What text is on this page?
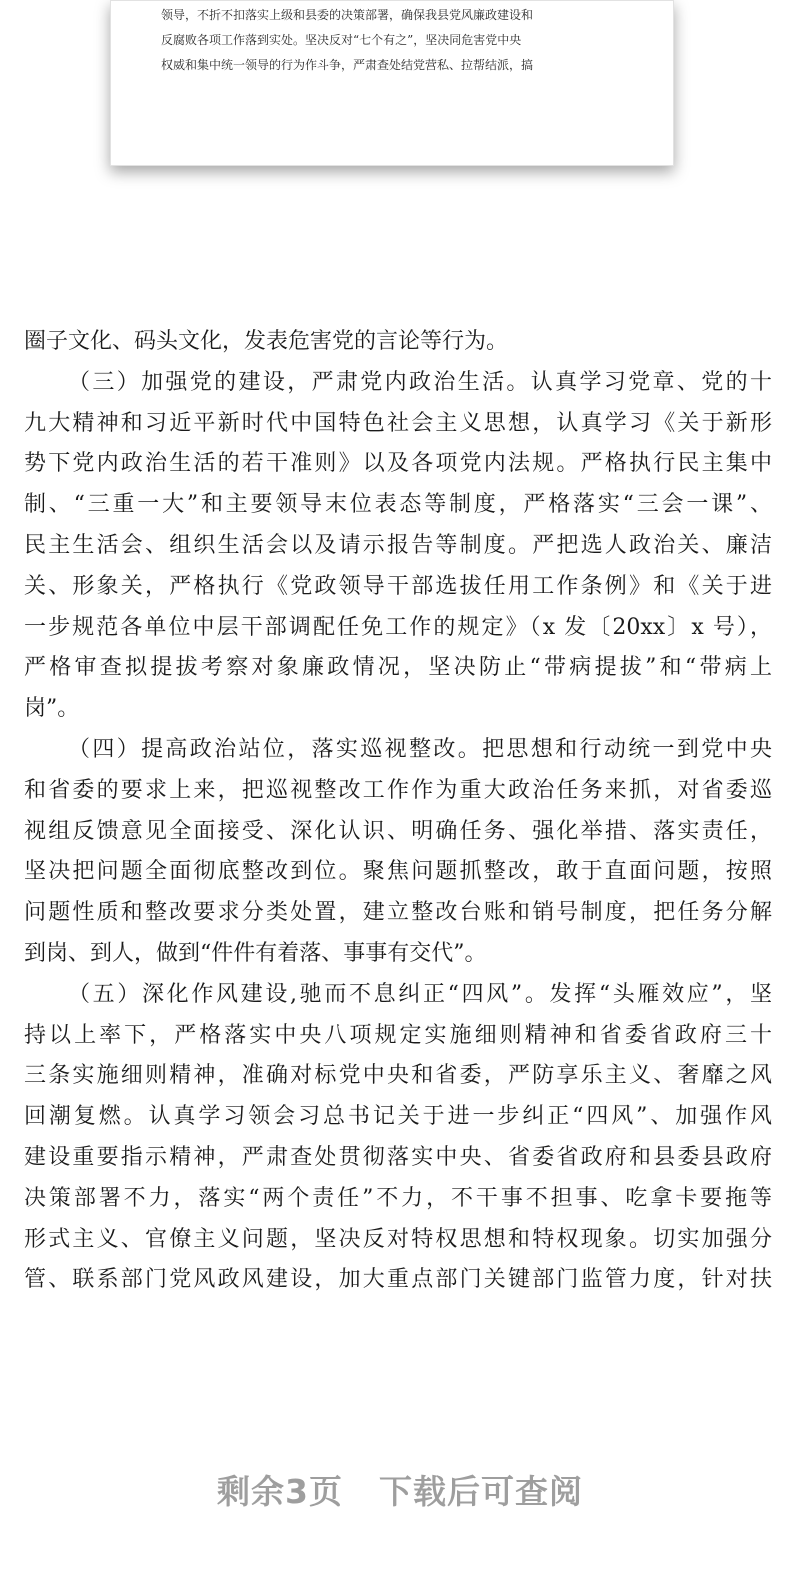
领导，不折不扣落实上级和县委的决策部署，确保我县党风廉政建设和
反腐败各项工作落到实处。坚决反对“七个有之”，坚决同危害党中央
权威和集中统一领导的行为作斗争，严肃查处结党营私、拉帮结派，搞
圈子文化、码头文化，发表危害党的言论等行为。
（三）加强党的建设，严肃党内政治生活。认真学习党章、党的十
九大精神和习近平新时代中国特色社会主义思想，认真学习《关于新形
势下党内政治生活的若干准则》以及各项党内法规。严格执行民主集中
制、“三重一大”和主要领导末位表态等制度，严格落实“三会一课”、
民主生活会、组织生活会以及请示报告等制度。严把选人政治关、廉洁
关、形象关，严格执行《党政领导干部选拔任用工作条例》和《关于进
一步规范各单位中层干部调配任免工作的规定》（x 发〔20xx〕x 号），
严格审查拟提拔考察对象廉政情况，坚决防止“带病提拔”和“带病上
岗”。
（四）提高政治站位，落实巡视整改。把思想和行动统一到党中央
和省委的要求上来，把巡视整改工作作为重大政治任务来抓，对省委巡
视组反馈意见全面接受、深化认识、明确任务、强化举措、落实责任，
坚决把问题全面彻底整改到位。聚焦问题抓整改，敢于直面问题，按照
问题性质和整改要求分类处置，建立整改台账和销号制度，把任务分解
到岗、到人，做到“件件有着落、事事有交代”。
（五）深化作风建设,驰而不息纠正“四风”。发挥“头雁效应”，坚
持以上率下，严格落实中央八项规定实施细则精神和省委省政府三十
三条实施细则精神，准确对标党中央和省委，严防享乐主义、奢靡之风
回潮复燃。认真学习领会习总书记关于进一步纠正“四风”、加强作风
建设重要指示精神，严肃查处贯彻落实中央、省委省政府和县委县政府
决策部署不力，落实“两个责任”不力，不干事不担事、吃拿卡要拖等
形式主义、官僚主义问题，坚决反对特权思想和特权现象。切实加强分
管、联系部门党风政风建设，加大重点部门关键部门监管力度，针对扶
剩余3页 下载后可查阅
